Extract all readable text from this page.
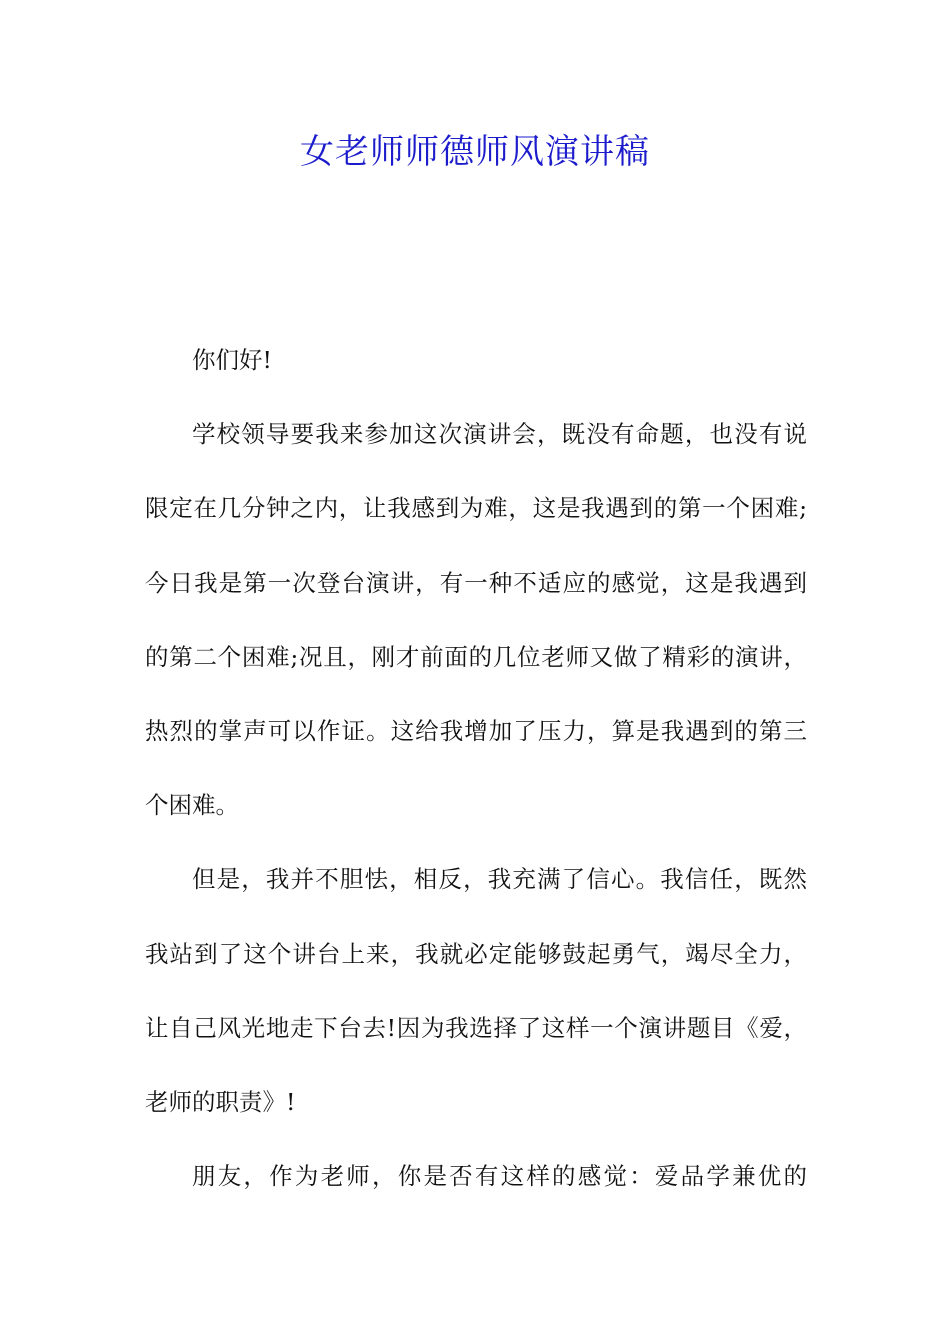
女老师师德师风演讲稿
你们好!
学校领导要我来参加这次演讲会，既没有命题，也没有说
限定在几分钟之内，让我感到为难，这是我遇到的第一个困难;
今日我是第一次登台演讲，有一种不适应的感觉，这是我遇到
的第二个困难;况且，刚才前面的几位老师又做了精彩的演讲，
热烈的掌声可以作证。这给我增加了压力，算是我遇到的第三
个困难。
但是，我并不胆怯，相反，我充满了信心。我信任，既然
我站到了这个讲台上来，我就必定能够鼓起勇气，竭尽全力，
让自己风光地走下台去!因为我选择了这样一个演讲题目《爱，
老师的职责》!
朋友，作为老师，你是否有这样的感觉：爱品学兼优的
